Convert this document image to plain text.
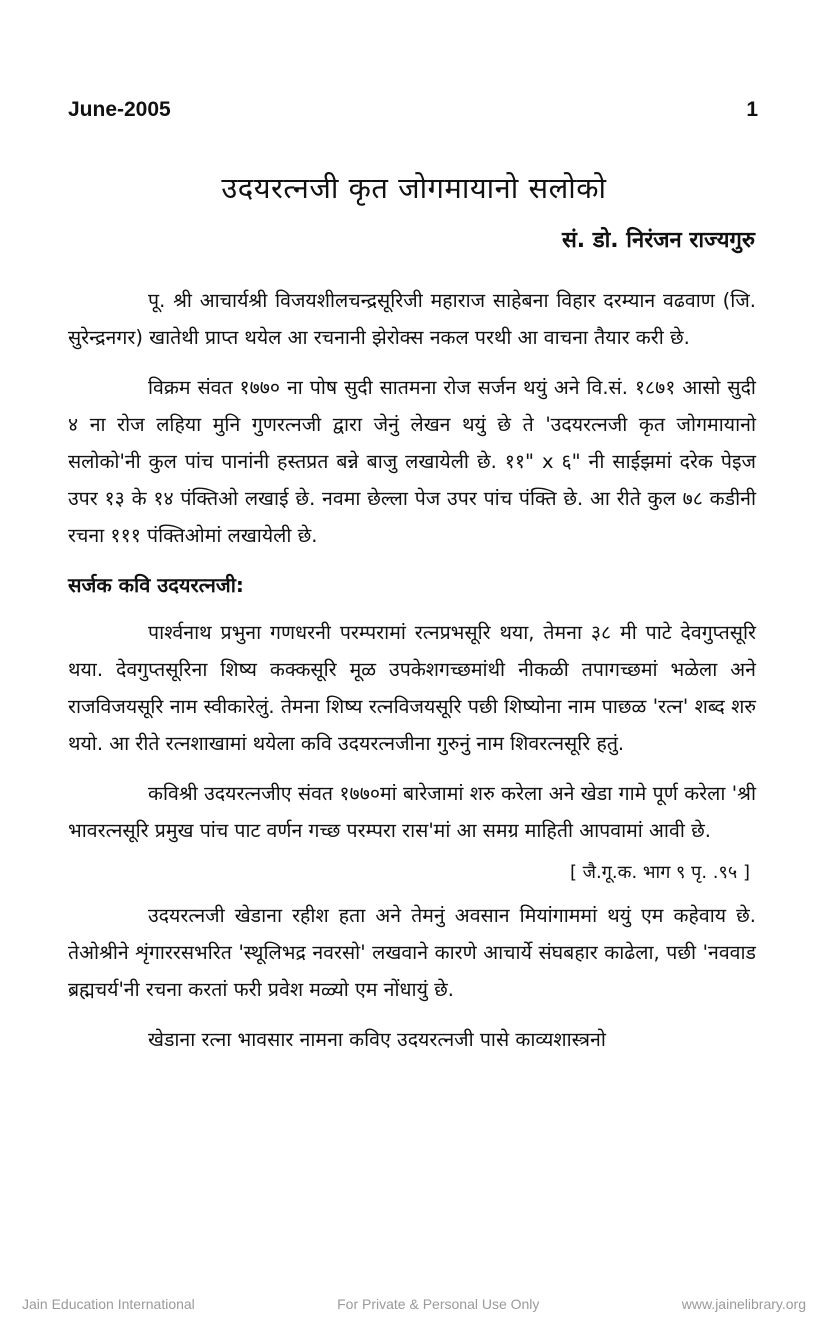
June-2005	1
उदयरत्नजी कृत जोगमायानो सलोको
सं. डो. निरंजन राज्यगुरु

पू. श्री आचार्यश्री विजयशीलचन्द्रसूरिजी महाराज साहेबना विहार दरम्यान वढवाण (जि. सुरेन्द्रनगर) खातेथी प्राप्त थयेल आ रचनानी झेरोक्स नकल परथी आ वाचना तैयार करी छे.

विक्रम संवत १७७० ना पोष सुदी सातमना रोज सर्जन थयुं अने वि.सं. १८७१ आसो सुदी ४ ना रोज लहिया मुनि गुणरत्नजी द्वारा जेनुं लेखन थयुं छे ते 'उदयरत्नजी कृत जोगमायानो सलोको'नी कुल पांच पानांनी हस्तप्रत बन्ने बाजु लखायेली छे. ११" x ६" नी साईझमां दरेक पेइज उपर १३ के १४ पंक्तिओ लखाई छे. नवमा छेल्ला पेज उपर पांच पंक्ति छे. आ रीते कुल ७८ कडीनी रचना १११ पंक्तिओमां लखायेली छे.

सर्जक कवि उदयरत्नजी:

पार्श्वनाथ प्रभुना गणधरनी परम्परामां रत्नप्रभसूरि थया, तेमना ३८ मी पाटे देवगुप्तसूरि थया. देवगुप्तसूरिना शिष्य कक्कसूरि मूळ उपकेशगच्छमांथी नीकळी तपागच्छमां भळेला अने राजविजयसूरि नाम स्वीकारेलुं. तेमना शिष्य रत्नविजयसूरि पछी शिष्योना नाम पाछळ 'रत्न' शब्द शरु थयो. आ रीते रत्नशाखामां थयेला कवि उदयरत्नजीना गुरुनुं नाम शिवरत्नसूरि हतुं.

कविश्री उदयरत्नजीए संवत १७७०मां बारेजामां शरु करेला अने खेडा गामे पूर्ण करेला 'श्री भावरत्नसूरि प्रमुख पांच पाट वर्णन गच्छ परम्परा रास'मां आ समग्र माहिती आपवामां आवी छे.

[ जै.गू.क. भाग ९ पृ. .९५ ]

उदयरत्नजी खेडाना रहीश हता अने तेमनुं अवसान मियांगाममां थयुं एम कहेवाय छे. तेओश्रीने शृंगाररसभरित 'स्थूलिभद्र नवरसो' लखवाने कारणे आचार्ये संघबहार काढेला, पछी 'नववाड ब्रह्मचर्य'नी रचना करतां फरी प्रवेश मळ्यो एम नोंधायुं छे.

खेडाना रत्ना भावसार नामना कविए उदयरत्नजी पासे काव्यशास्त्रनो

Jain Education International	For Private & Personal Use Only	www.jainelibrary.org
